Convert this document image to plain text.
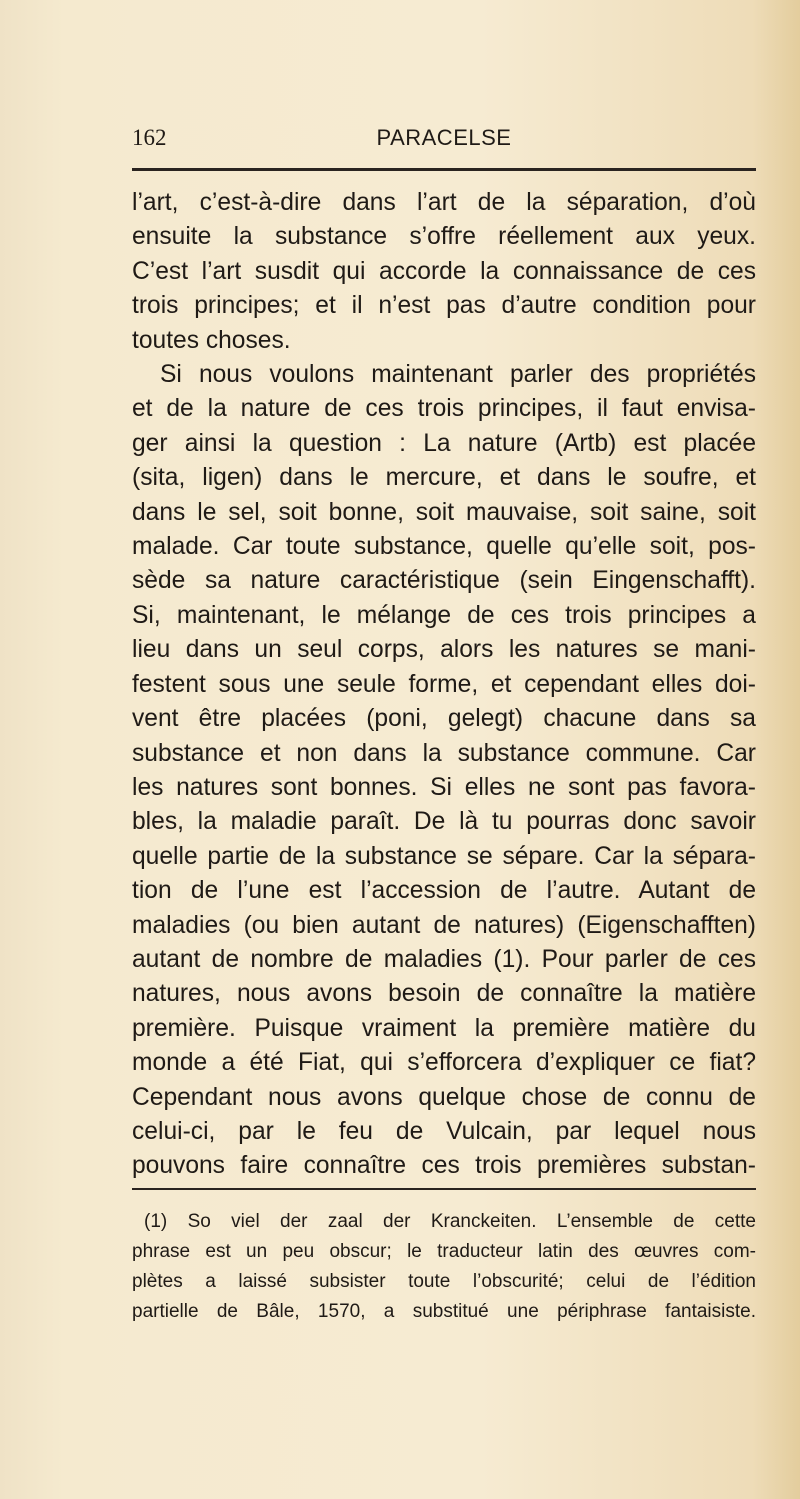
162	PARACELSE
l’art, c’est-à-dire dans l’art de la séparation, d’où
ensuite la substance s’offre réellement aux yeux.
C’est l’art susdit qui accorde la connaissance de ces
trois principes; et il n’est pas d’autre condition pour
toutes choses.
Si nous voulons maintenant parler des propriétés
et de la nature de ces trois principes, il faut envisa-
ger ainsi la question : La nature (Artb) est placée
(sita, ligen) dans le mercure, et dans le soufre, et
dans le sel, soit bonne, soit mauvaise, soit saine, soit
malade. Car toute substance, quelle qu’elle soit, pos-
sède sa nature caractéristique (sein Eingenschafft).
Si, maintenant, le mélange de ces trois principes a
lieu dans un seul corps, alors les natures se mani-
festent sous une seule forme, et cependant elles doi-
vent être placées (poni, gelegt) chacune dans sa
substance et non dans la substance commune. Car
les natures sont bonnes. Si elles ne sont pas favora-
bles, la maladie paraît. De là tu pourras donc savoir
quelle partie de la substance se sépare. Car la sépara-
tion de l’une est l’accession de l’autre. Autant de
maladies (ou bien autant de natures) (Eigenschafften)
autant de nombre de maladies (1). Pour parler de ces
natures, nous avons besoin de connaître la matière
première. Puisque vraiment la première matière du
monde a été Fiat, qui s’efforcera d’expliquer ce fiat?
Cependant nous avons quelque chose de connu de
celui-ci, par le feu de Vulcain, par lequel nous
pouvons faire connaître ces trois premières substan-
(1) So viel der zaal der Kranckeiten. L’ensemble de cette
phrase est un peu obscur; le traducteur latin des œuvres com-
plètes a laissé subsister toute l’obscurité; celui de l’édition
partielle de Bâle, 1570, a substitué une périphrase fantaisiste.
